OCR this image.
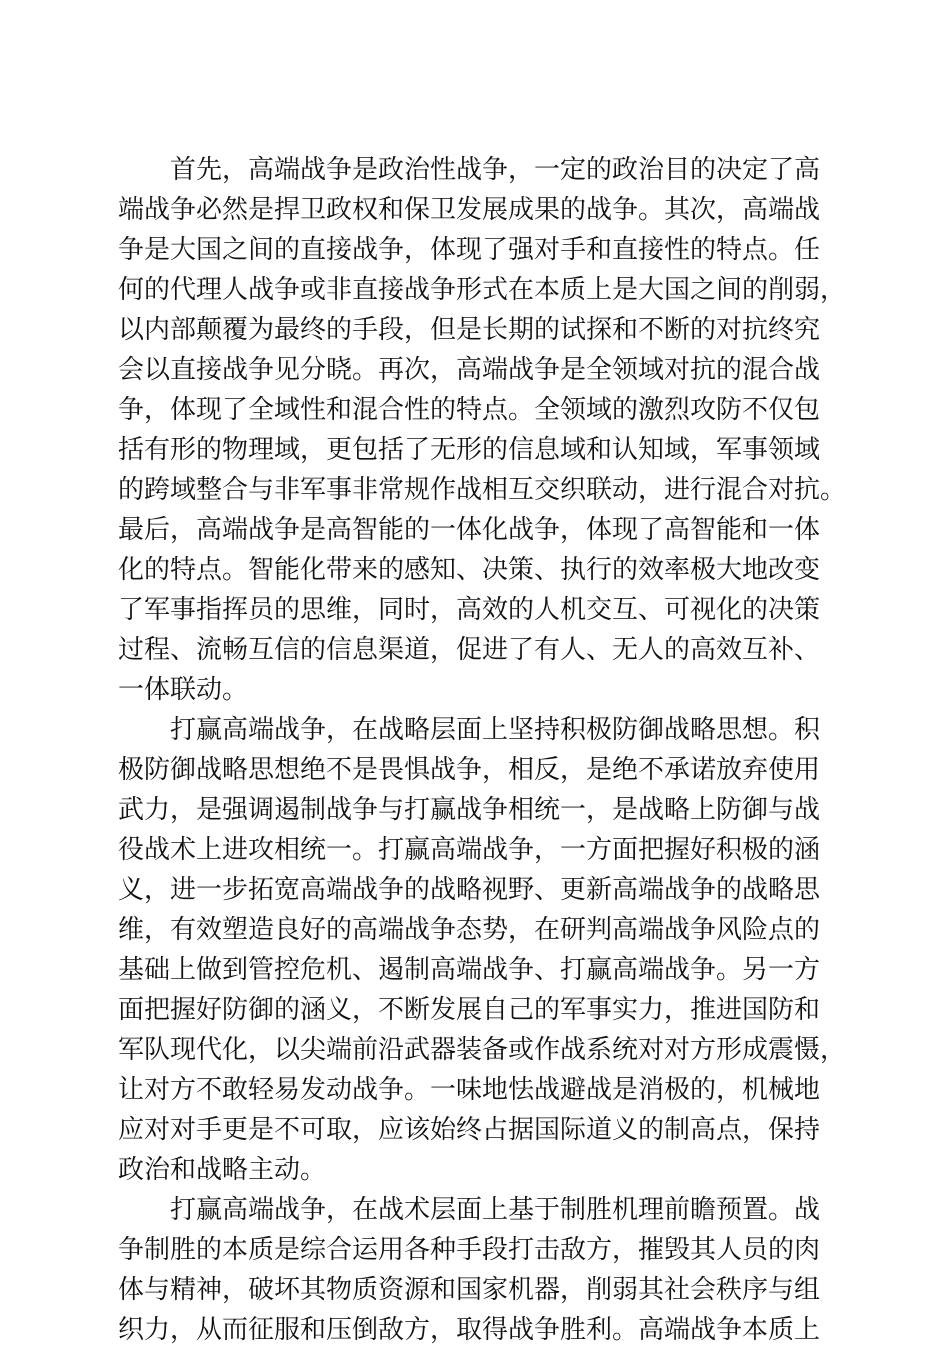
首先，高端战争是政治性战争，一定的政治目的决定了高
端战争必然是捍卫政权和保卫发展成果的战争。其次，高端战
争是大国之间的直接战争，体现了强对手和直接性的特点。任
何的代理人战争或非直接战争形式在本质上是大国之间的削弱，
以内部颠覆为最终的手段，但是长期的试探和不断的对抗终究
会以直接战争见分晓。再次，高端战争是全领域对抗的混合战
争，体现了全域性和混合性的特点。全领域的激烈攻防不仅包
括有形的物理域，更包括了无形的信息域和认知域，军事领域
的跨域整合与非军事非常规作战相互交织联动，进行混合对抗。
最后，高端战争是高智能的一体化战争，体现了高智能和一体
化的特点。智能化带来的感知、决策、执行的效率极大地改变
了军事指挥员的思维，同时，高效的人机交互、可视化的决策
过程、流畅互信的信息渠道，促进了有人、无人的高效互补、
一体联动。
打赢高端战争，在战略层面上坚持积极防御战略思想。积
极防御战略思想绝不是畏惧战争，相反，是绝不承诺放弃使用
武力，是强调遏制战争与打赢战争相统一，是战略上防御与战
役战术上进攻相统一。打赢高端战争，一方面把握好积极的涵
义，进一步拓宽高端战争的战略视野、更新高端战争的战略思
维，有效塑造良好的高端战争态势，在研判高端战争风险点的
基础上做到管控危机、遏制高端战争、打赢高端战争。另一方
面把握好防御的涵义，不断发展自己的军事实力，推进国防和
军队现代化，以尖端前沿武器装备或作战系统对对方形成震慑，
让对方不敢轻易发动战争。一味地怯战避战是消极的，机械地
应对对手更是不可取，应该始终占据国际道义的制高点，保持
政治和战略主动。
打赢高端战争，在战术层面上基于制胜机理前瞻预置。战
争制胜的本质是综合运用各种手段打击敌方，摧毁其人员的肉
体与精神，破坏其物质资源和国家机器，削弱其社会秩序与组
织力，从而征服和压倒敌方，取得战争胜利。高端战争本质上
